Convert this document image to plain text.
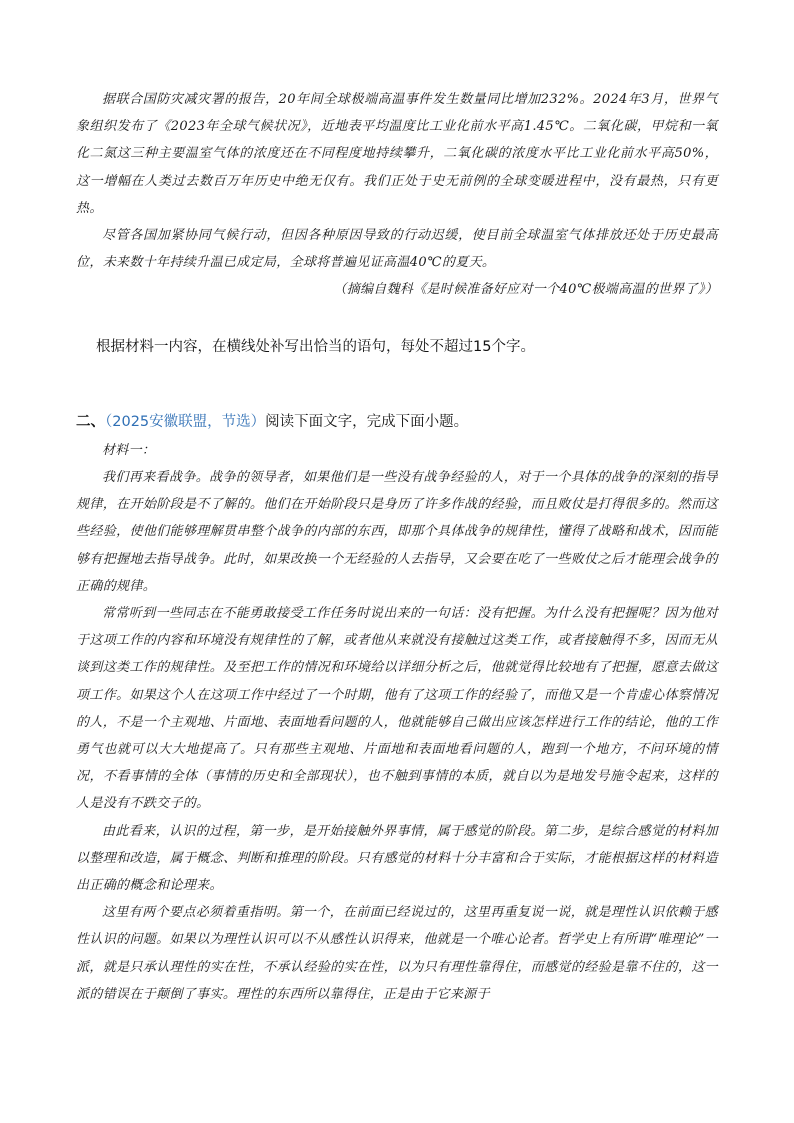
据联合国防灾减灾署的报告，20年间全球极端高温事件发生数量同比增加232%。2024年3月，世界气象组织发布了《2023年全球气候状况》，近地表平均温度比工业化前水平高1.45℃。二氧化碳，甲烷和一氧化二氮这三种主要温室气体的浓度还在不同程度地持续攀升，二氧化碳的浓度水平比工业化前水平高50%，这一增幅在人类过去数百万年历史中绝无仅有。我们正处于史无前例的全球变暖进程中，没有最热，只有更热。

尽管各国加紧协同气候行动，但因各种原因导致的行动迟缓，使目前全球温室气体排放还处于历史最高位，未来数十年持续升温已成定局，全球将普遍见证高温40℃的夏天。

（摘编自魏科《是时候准备好应对一个40℃极端高温的世界了》）

根据材料一内容，在横线处补写出恰当的语句，每处不超过15个字。

二、（2025安徽联盟，节选）阅读下面文字，完成下面小题。

材料一：

我们再来看战争。战争的领导者，如果他们是一些没有战争经验的人，对于一个具体的战争的深刻的指导规律，在开始阶段是不了解的。他们在开始阶段只是身历了许多作战的经验，而且败仗是打得很多的。然而这些经验，使他们能够理解贯串整个战争的内部的东西，即那个具体战争的规律性，懂得了战略和战术，因而能够有把握地去指导战争。此时，如果改换一个无经验的人去指导，又会要在吃了一些败仗之后才能理会战争的正确的规律。

常常听到一些同志在不能勇敢接受工作任务时说出来的一句话：没有把握。为什么没有把握呢？因为他对于这项工作的内容和环境没有规律性的了解，或者他从来就没有接触过这类工作，或者接触得不多，因而无从谈到这类工作的规律性。及至把工作的情况和环境给以详细分析之后，他就觉得比较地有了把握，愿意去做这项工作。如果这个人在这项工作中经过了一个时期，他有了这项工作的经验了，而他又是一个肯虚心体察情况的人，不是一个主观地、片面地、表面地看问题的人，他就能够自己做出应该怎样进行工作的结论，他的工作勇气也就可以大大地提高了。只有那些主观地、片面地和表面地看问题的人，跑到一个地方，不问环境的情况，不看事情的全体（事情的历史和全部现状），也不触到事情的本质，就自以为是地发号施令起来，这样的人是没有不跌交子的。

由此看来，认识的过程，第一步，是开始接触外界事情，属于感觉的阶段。第二步，是综合感觉的材料加以整理和改造，属于概念、判断和推理的阶段。只有感觉的材料十分丰富和合于实际，才能根据这样的材料造出正确的概念和论理来。

这里有两个要点必须着重指明。第一个，在前面已经说过的，这里再重复说一说，就是理性认识依赖于感性认识的问题。如果以为理性认识可以不从感性认识得来，他就是一个唯心论者。哲学史上有所谓“唯理论”一派，就是只承认理性的实在性，不承认经验的实在性，以为只有理性靠得住，而感觉的经验是靠不住的，这一派的错误在于颠倒了事实。理性的东西所以靠得住，正是由于它来源于
